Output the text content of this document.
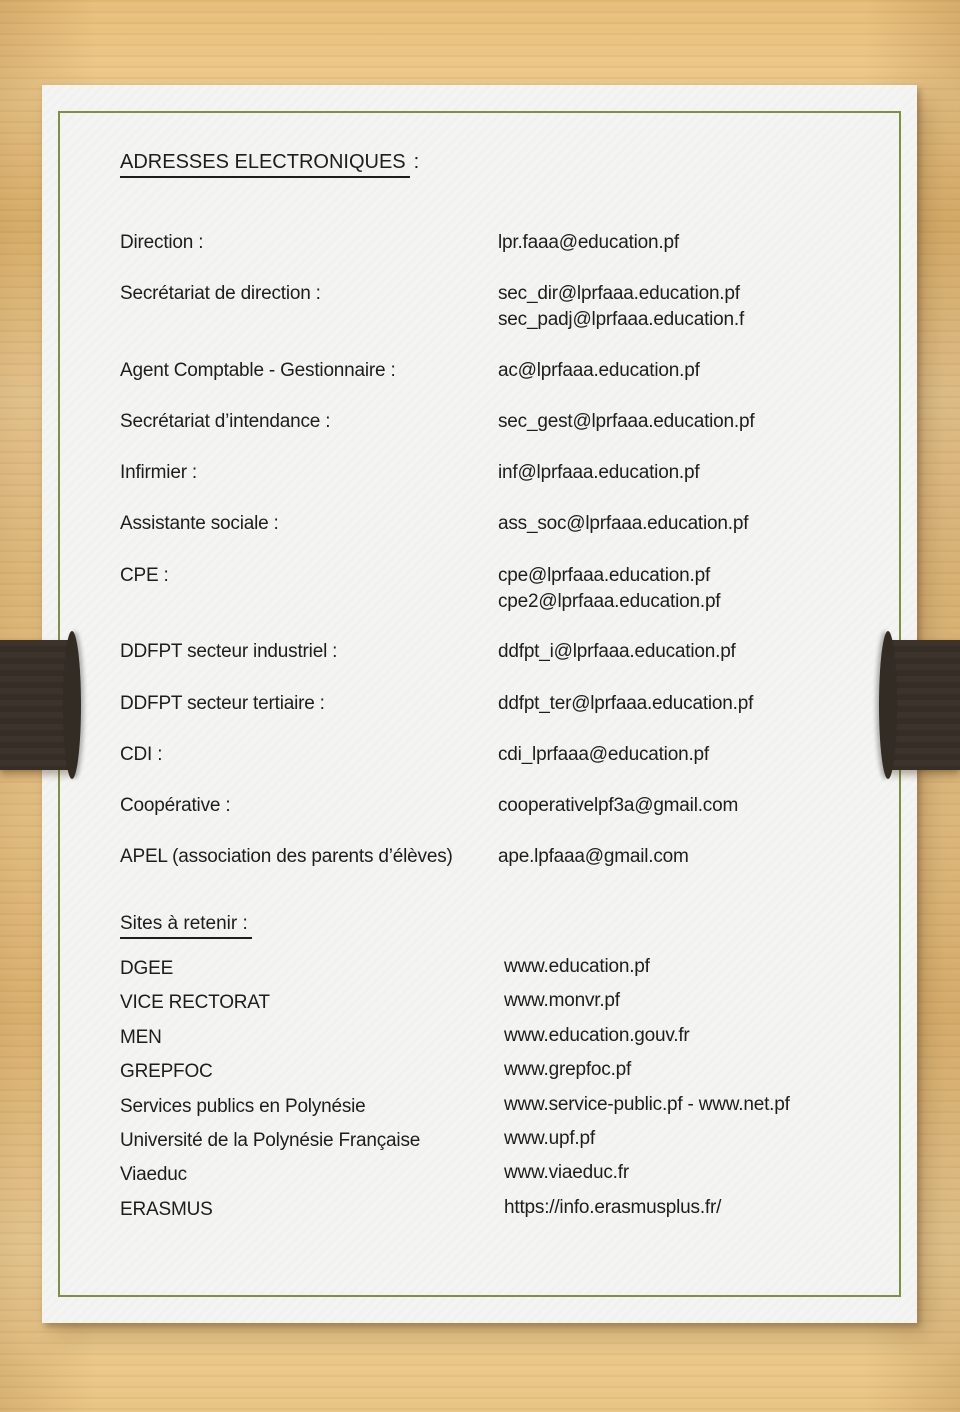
ADRESSES ELECTRONIQUES :
Direction :	lpr.faaa@education.pf
Secrétariat de direction :	sec_dir@lprfaaa.education.pf
sec_padj@lprfaaa.education.f
Agent Comptable - Gestionnaire :	ac@lprfaaa.education.pf
Secrétariat d’intendance :	sec_gest@lprfaaa.education.pf
Infirmier :	inf@lprfaaa.education.pf
Assistante sociale :	ass_soc@lprfaaa.education.pf
CPE :	cpe@lprfaaa.education.pf
cpe2@lprfaaa.education.pf
DDFPT secteur industriel :	ddfpt_i@lprfaaa.education.pf
DDFPT secteur tertiaire :	ddfpt_ter@lprfaaa.education.pf
CDI :	cdi_lprfaaa@education.pf
Coopérative :	cooperativelpf3a@gmail.com
APEL (association des parents d’élèves) ape.lpfaaa@gmail.com
Sites à retenir :
DGEE	www.education.pf
VICE RECTORAT	www.monvr.pf
MEN	www.education.gouv.fr
GREPFOC	www.grepfoc.pf
Services publics en Polynésie	www.service-public.pf - www.net.pf
Université de la Polynésie Française	www.upf.pf
Viaeduc	www.viaeduc.fr
ERASMUS	https://info.erasmusplus.fr/
